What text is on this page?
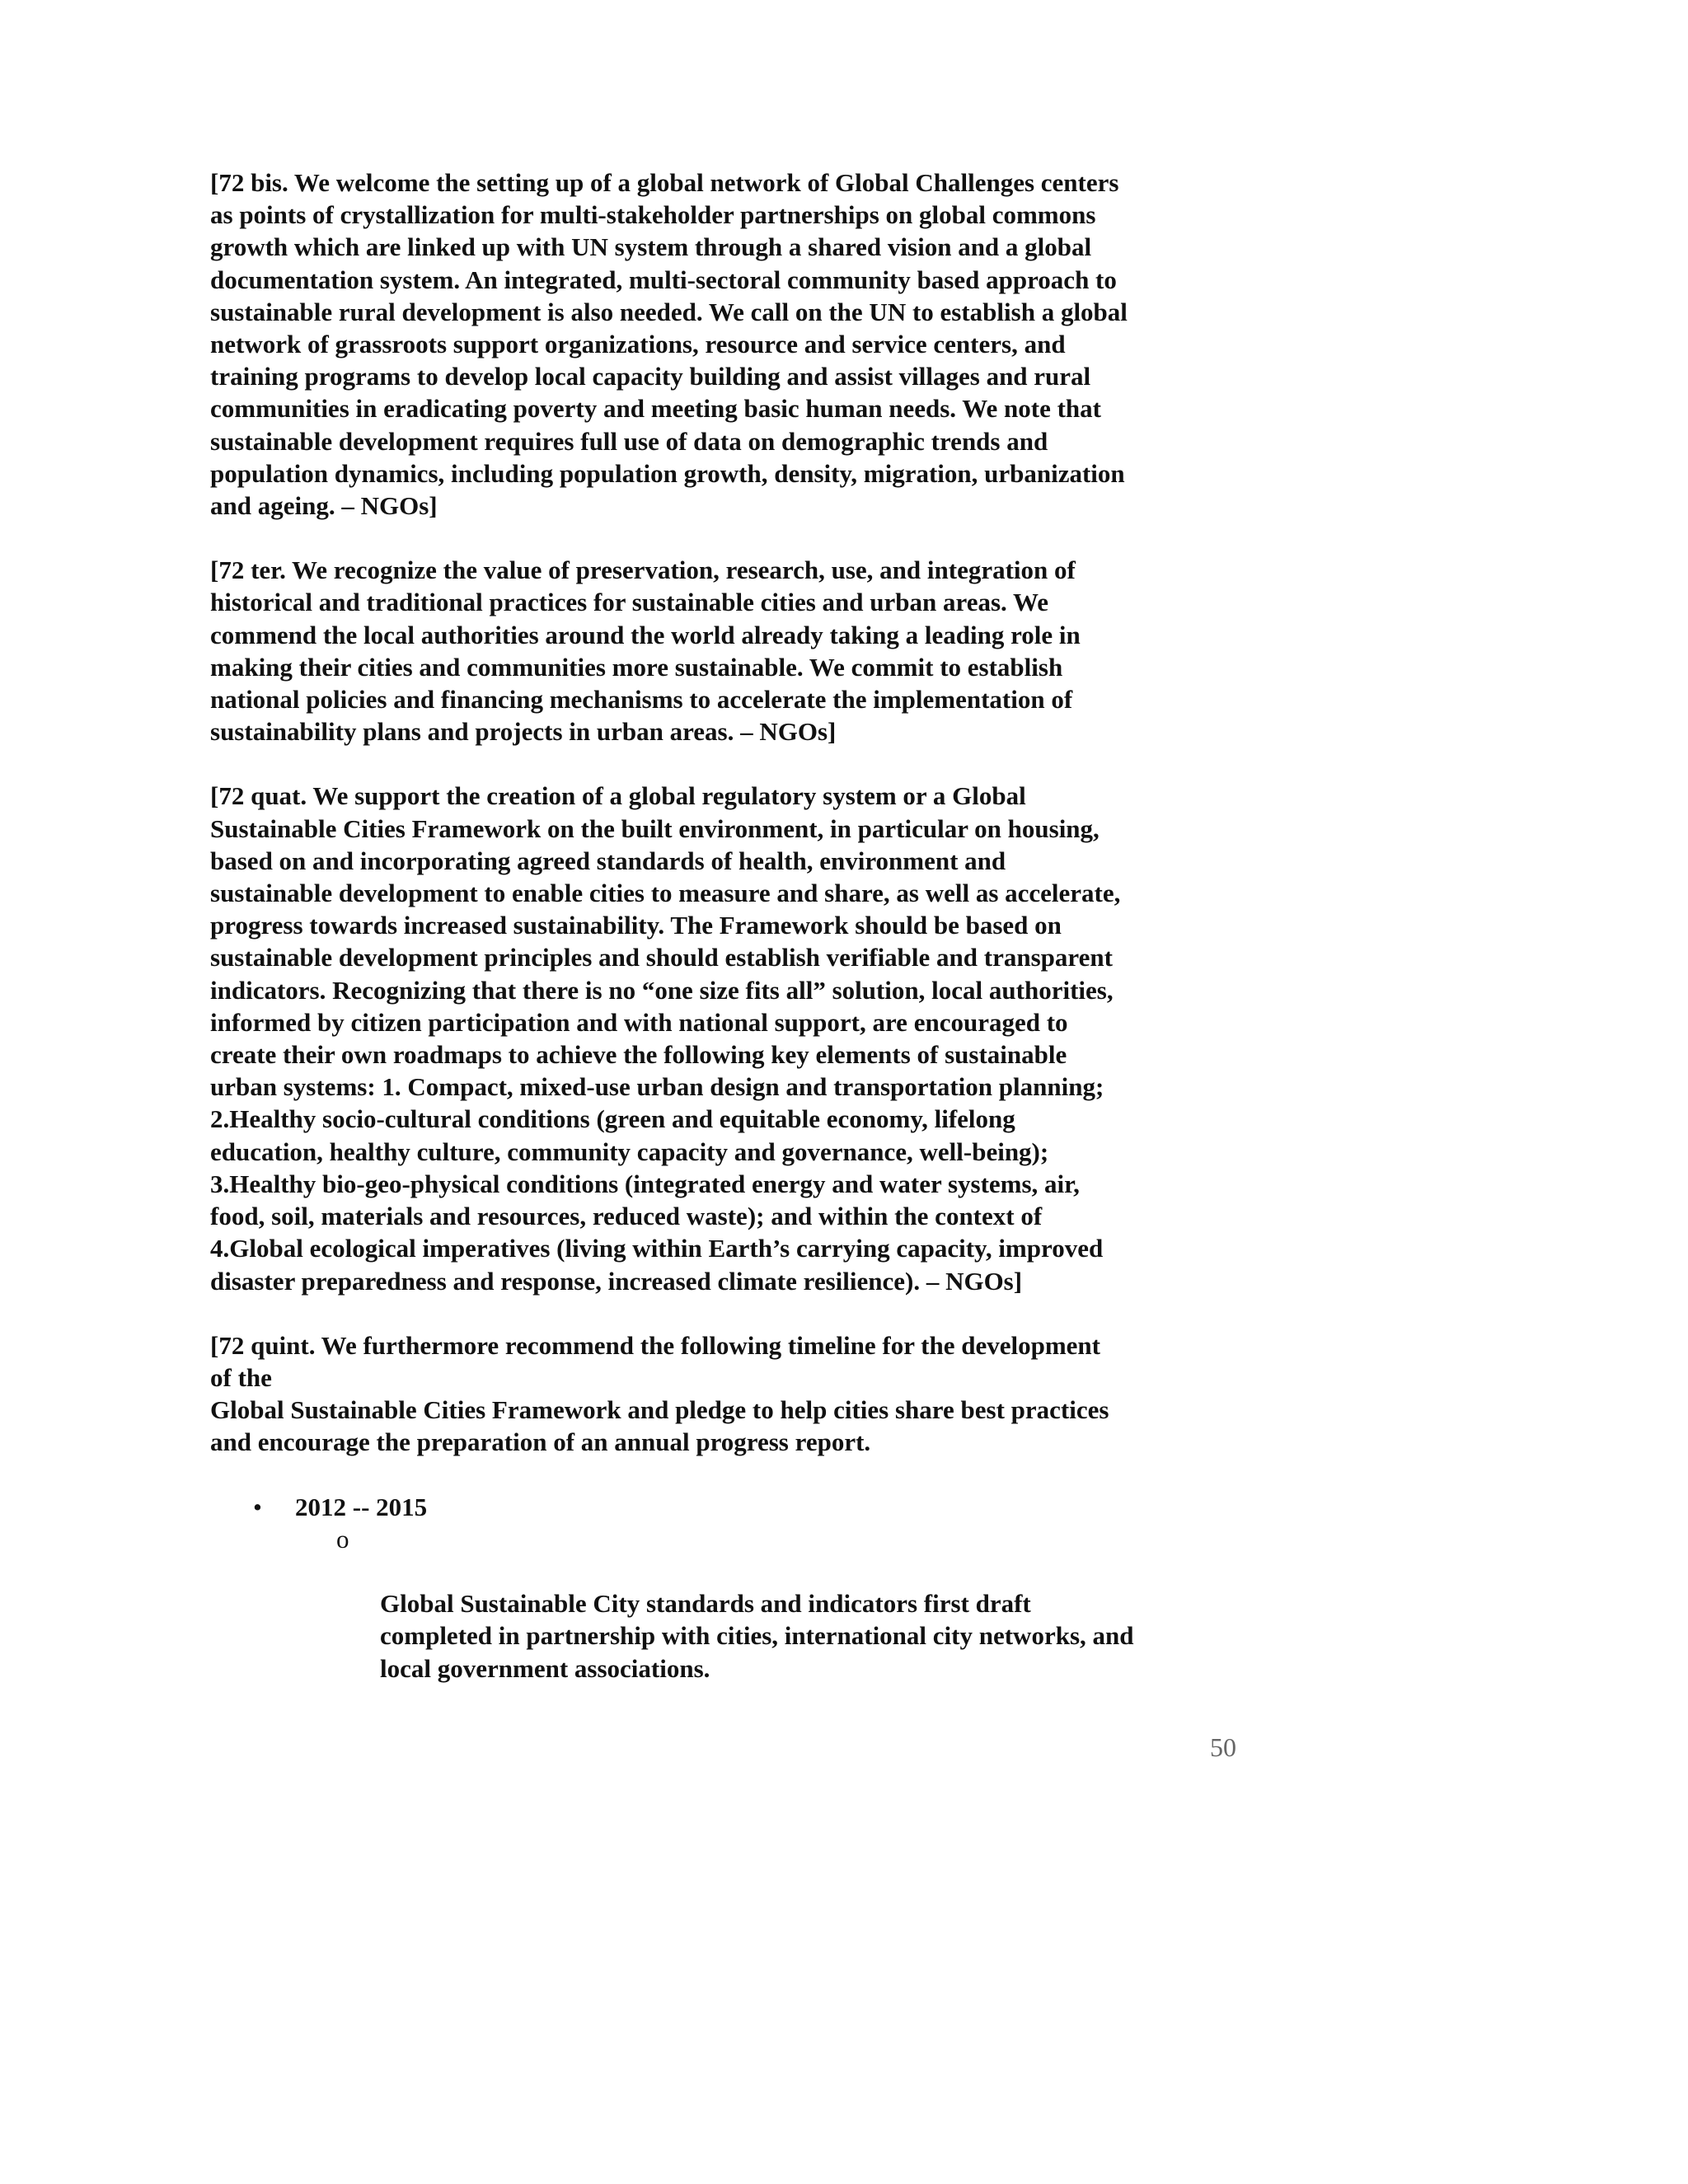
[72 bis. We welcome the setting up of a global network of Global Challenges centers
as points of crystallization for multi-stakeholder partnerships on global commons
growth which are linked up with UN system through a shared vision and a global
documentation system. An integrated, multi-sectoral community based approach to
sustainable rural development is also needed. We call on the UN to establish a global
network of grassroots support organizations, resource and service centers, and
training programs to develop local capacity building and assist villages and rural
communities in eradicating poverty and meeting basic human needs. We note that
sustainable development requires full use of data on demographic trends and
population dynamics, including population growth, density, migration, urbanization
and ageing. – NGOs]

[72 ter. We recognize the value of preservation, research, use, and integration of
historical and traditional practices for sustainable cities and urban areas. We
commend the local authorities around the world already taking a leading role in
making their cities and communities more sustainable. We commit to establish
national policies and financing mechanisms to accelerate the implementation of
sustainability plans and projects in urban areas. – NGOs]

[72 quat. We support the creation of a global regulatory system or a Global
Sustainable Cities Framework on the built environment, in particular on housing,
based on and incorporating agreed standards of health, environment and
sustainable development to enable cities to measure and share, as well as accelerate,
progress towards increased sustainability. The Framework should be based on
sustainable development principles and should establish verifiable and transparent
indicators. Recognizing that there is no “one size fits all” solution, local authorities,
informed by citizen participation and with national support, are encouraged to
create their own roadmaps to achieve the following key elements of sustainable
urban systems: 1. Compact, mixed-use urban design and transportation planning;
2.Healthy socio-cultural conditions (green and equitable economy, lifelong
education, healthy culture, community capacity and governance, well-being);
3.Healthy bio-geo-physical conditions (integrated energy and water systems, air,
food, soil, materials and resources, reduced waste); and within the context of
4.Global ecological imperatives (living within Earth’s carrying capacity, improved
disaster preparedness and response, increased climate resilience). – NGOs]

[72 quint. We furthermore recommend the following timeline for the development
of the
Global Sustainable Cities Framework and pledge to help cities share best practices
and encourage the preparation of an annual progress report.

• 2012 -- 2015

o

Global Sustainable City standards and indicators first draft
completed in partnership with cities, international city networks, and
local government associations.

50
